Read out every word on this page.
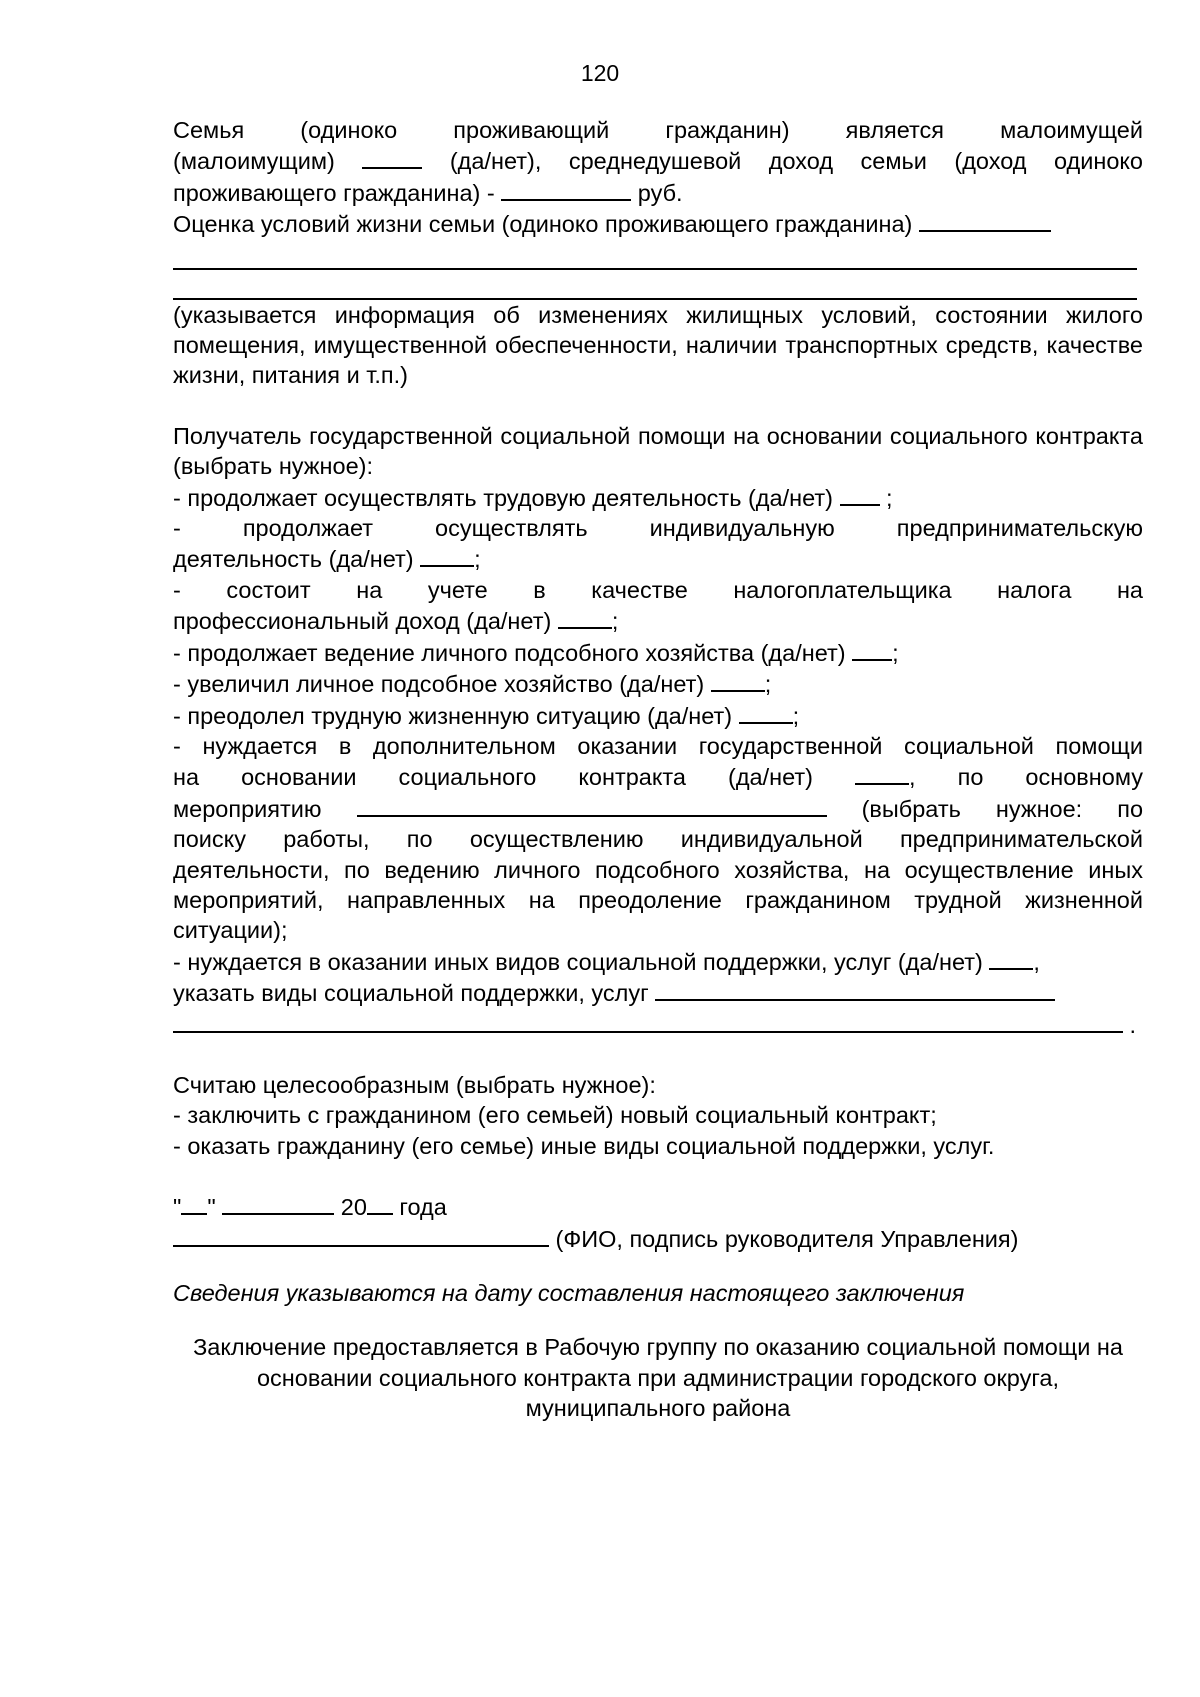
120
Семья (одиноко проживающий гражданин) является малоимущей
(малоимущим)	(да/нет), среднедушевой доход семьи (доход одиноко
проживающего гражданина) -	руб.
Оценка условий жизни семьи (одиноко проживающего гражданина)

(указывается информация об изменениях жилищных условий, состоянии жилого помещения, имущественной обеспеченности, наличии транспортных средств, качестве жизни, питания и т.п.)

Получатель государственной социальной помощи на основании социального контракта (выбрать нужное):

- продолжает осуществлять трудовую деятельность (да/нет) ;
- продолжает осуществлять индивидуальную предпринимательскую
деятельность (да/нет)	;
- состоит на учете в качестве налогоплательщика налога на
профессиональный доход (да/нет)	;
- продолжает ведение личного подсобного хозяйства (да/нет) ;
- увеличил личное подсобное хозяйство (да/нет)	;
- преодолел трудную жизненную ситуацию (да/нет)	;
- нуждается в дополнительном оказании государственной социальной помощи
на основании социального контракта (да/нет)	, по основному
мероприятию	(выбрать нужное: по

поиску работы, по осуществлению индивидуальной предпринимательской деятельности, по ведению личного подсобного хозяйства, на осуществление иных мероприятий, направленных на преодоление гражданином трудной жизненной ситуации);

- нуждается в оказании иных видов социальной поддержки, услуг (да/нет) ,
указать виды социальной поддержки, услуг
.
Считаю целесообразным (выбрать нужное):
- заключить с гражданином (его семьей) новый социальный контракт;
- оказать гражданину (его семье) иные виды социальной поддержки, услуг.
" "	20 года
(ФИО, подпись руководителя Управления)

Сведения указываются на дату составления настоящего заключения

Заключение предоставляется в Рабочую группу по оказанию социальной помощи на основании социального контракта при администрации городского округа, муниципального района
